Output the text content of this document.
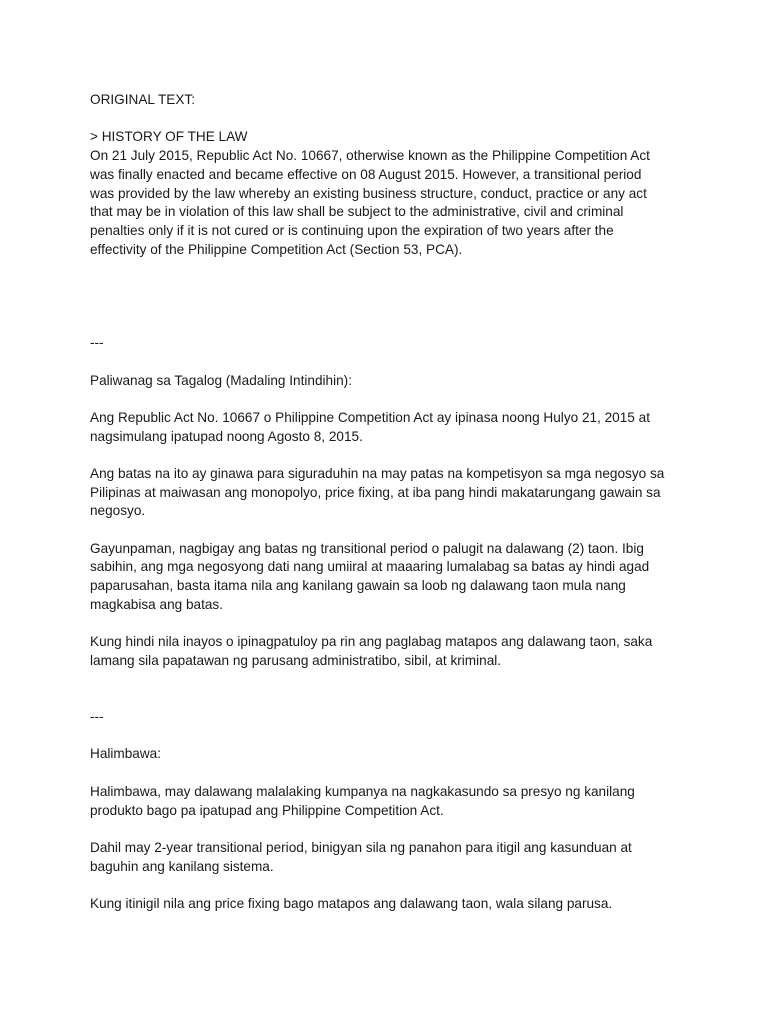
ORIGINAL TEXT:
> HISTORY OF THE LAW
On 21 July 2015, Republic Act No. 10667, otherwise known as the Philippine Competition Act
was finally enacted and became effective on 08 August 2015. However, a transitional period
was provided by the law whereby an existing business structure, conduct, practice or any act
that may be in violation of this law shall be subject to the administrative, civil and criminal
penalties only if it is not cured or is continuing upon the expiration of two years after the
effectivity of the Philippine Competition Act (Section 53, PCA).
---
Paliwanag sa Tagalog (Madaling Intindihin):
Ang Republic Act No. 10667 o Philippine Competition Act ay ipinasa noong Hulyo 21, 2015 at
nagsimulang ipatupad noong Agosto 8, 2015.
Ang batas na ito ay ginawa para siguraduhin na may patas na kompetisyon sa mga negosyo sa
Pilipinas at maiwasan ang monopolyo, price fixing, at iba pang hindi makatarungang gawain sa
negosyo.
Gayunpaman, nagbigay ang batas ng transitional period o palugit na dalawang (2) taon. Ibig
sabihin, ang mga negosyong dati nang umiiral at maaaring lumalabag sa batas ay hindi agad
paparusahan, basta itama nila ang kanilang gawain sa loob ng dalawang taon mula nang
magkabisa ang batas.
Kung hindi nila inayos o ipinagpatuloy pa rin ang paglabag matapos ang dalawang taon, saka
lamang sila papatawan ng parusang administratibo, sibil, at kriminal.
---
Halimbawa:
Halimbawa, may dalawang malalaking kumpanya na nagkakasundo sa presyo ng kanilang
produkto bago pa ipatupad ang Philippine Competition Act.
Dahil may 2-year transitional period, binigyan sila ng panahon para itigil ang kasunduan at
baguhin ang kanilang sistema.
Kung itinigil nila ang price fixing bago matapos ang dalawang taon, wala silang parusa.
